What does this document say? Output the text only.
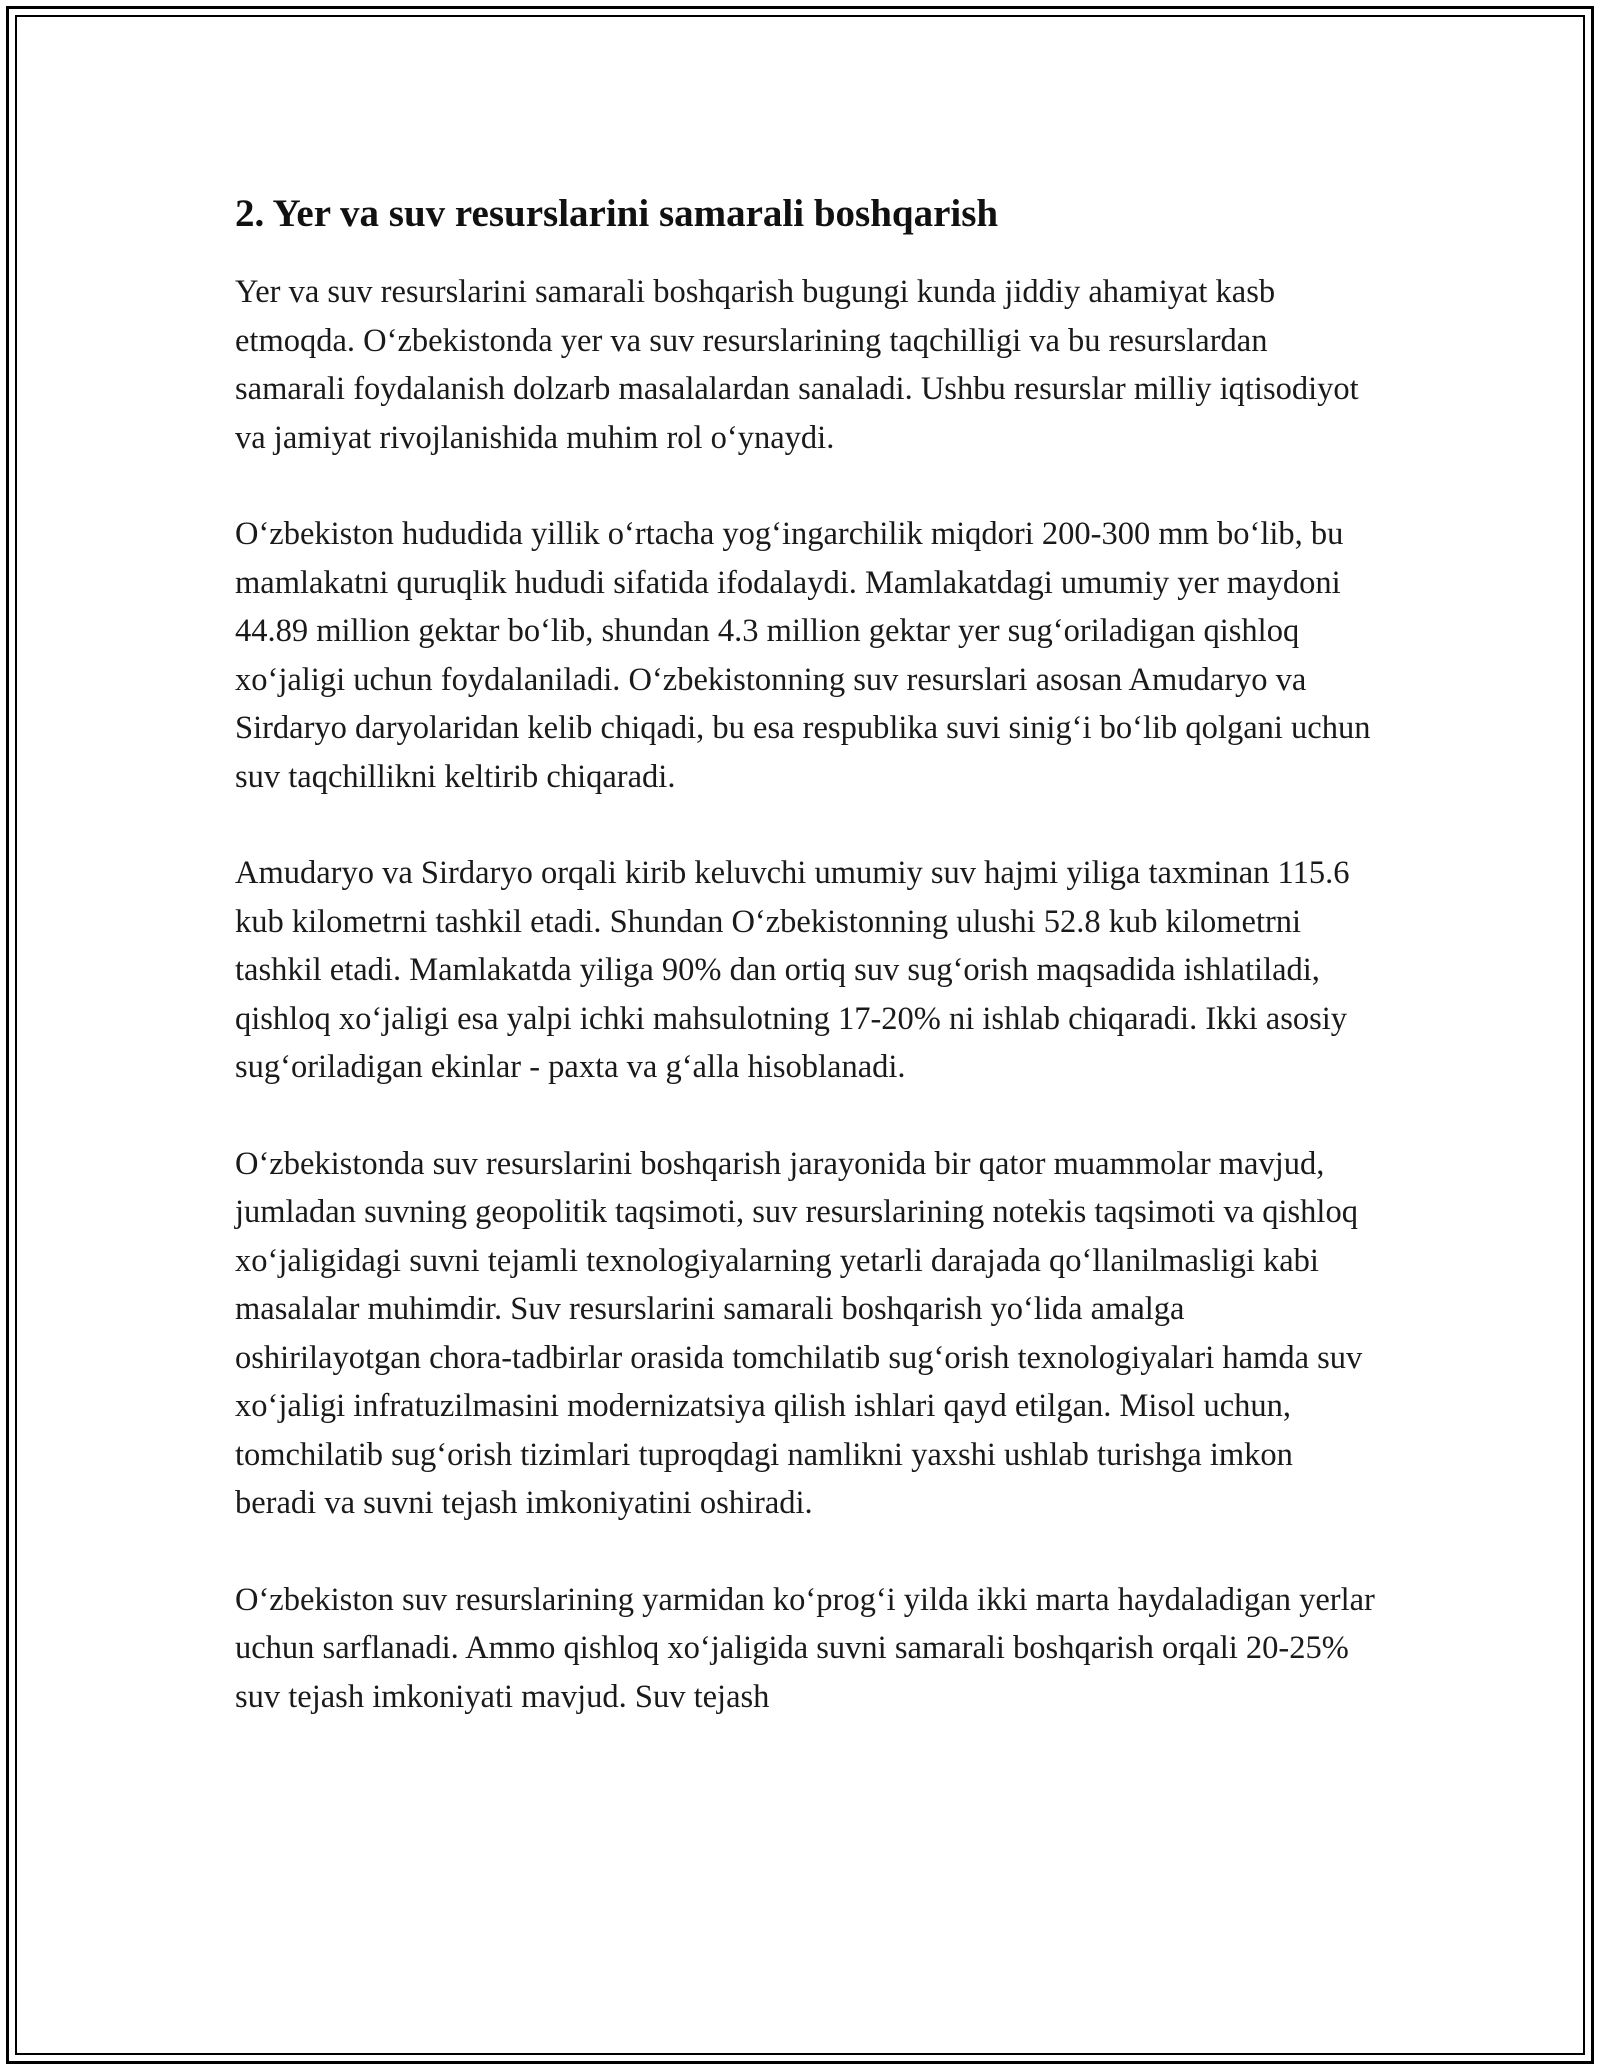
2. Yer va suv resurslarini samarali boshqarish

Yer va suv resurslarini samarali boshqarish bugungi kunda jiddiy ahamiyat kasb etmoqda. O‘zbekistonda yer va suv resurslarining taqchilligi va bu resurslardan samarali foydalanish dolzarb masalalardan sanaladi. Ushbu resurslar milliy iqtisodiyot va jamiyat rivojlanishida muhim rol o‘ynaydi.

O‘zbekiston hududida yillik o‘rtacha yog‘ingarchilik miqdori 200-300 mm bo‘lib, bu mamlakatni quruqlik hududi sifatida ifodalaydi. Mamlakatdagi umumiy yer maydoni 44.89 million gektar bo‘lib, shundan 4.3 million gektar yer sug‘oriladigan qishloq xo‘jaligi uchun foydalaniladi. O‘zbekistonning suv resurslari asosan Amudaryo va Sirdaryo daryolaridan kelib chiqadi, bu esa respublika suvi sinig‘i bo‘lib qolgani uchun suv taqchillikni keltirib chiqaradi.

Amudaryo va Sirdaryo orqali kirib keluvchi umumiy suv hajmi yiliga taxminan 115.6 kub kilometrni tashkil etadi. Shundan O‘zbekistonning ulushi 52.8 kub kilometrni tashkil etadi. Mamlakatda yiliga 90% dan ortiq suv sug‘orish maqsadida ishlatiladi, qishloq xo‘jaligi esa yalpi ichki mahsulotning 17-20% ni ishlab chiqaradi. Ikki asosiy sug‘oriladigan ekinlar - paxta va g‘alla hisoblanadi.

O‘zbekistonda suv resurslarini boshqarish jarayonida bir qator muammolar mavjud, jumladan suvning geopolitik taqsimoti, suv resurslarining notekis taqsimoti va qishloq xo‘jaligidagi suvni tejamli texnologiyalarning yetarli darajada qo‘llanilmasligi kabi masalalar muhimdir. Suv resurslarini samarali boshqarish yo‘lida amalga oshirilayotgan chora-tadbirlar orasida tomchilatib sug‘orish texnologiyalari hamda suv xo‘jaligi infratuzilmasini modernizatsiya qilish ishlari qayd etilgan. Misol uchun, tomchilatib sug‘orish tizimlari tuproqdagi namlikni yaxshi ushlab turishga imkon beradi va suvni tejash imkoniyatini oshiradi.

O‘zbekiston suv resurslarining yarmidan ko‘prog‘i yilda ikki marta haydaladigan yerlar uchun sarflanadi. Ammo qishloq xo‘jaligida suvni samarali boshqarish orqali 20-25% suv tejash imkoniyati mavjud. Suv tejash
